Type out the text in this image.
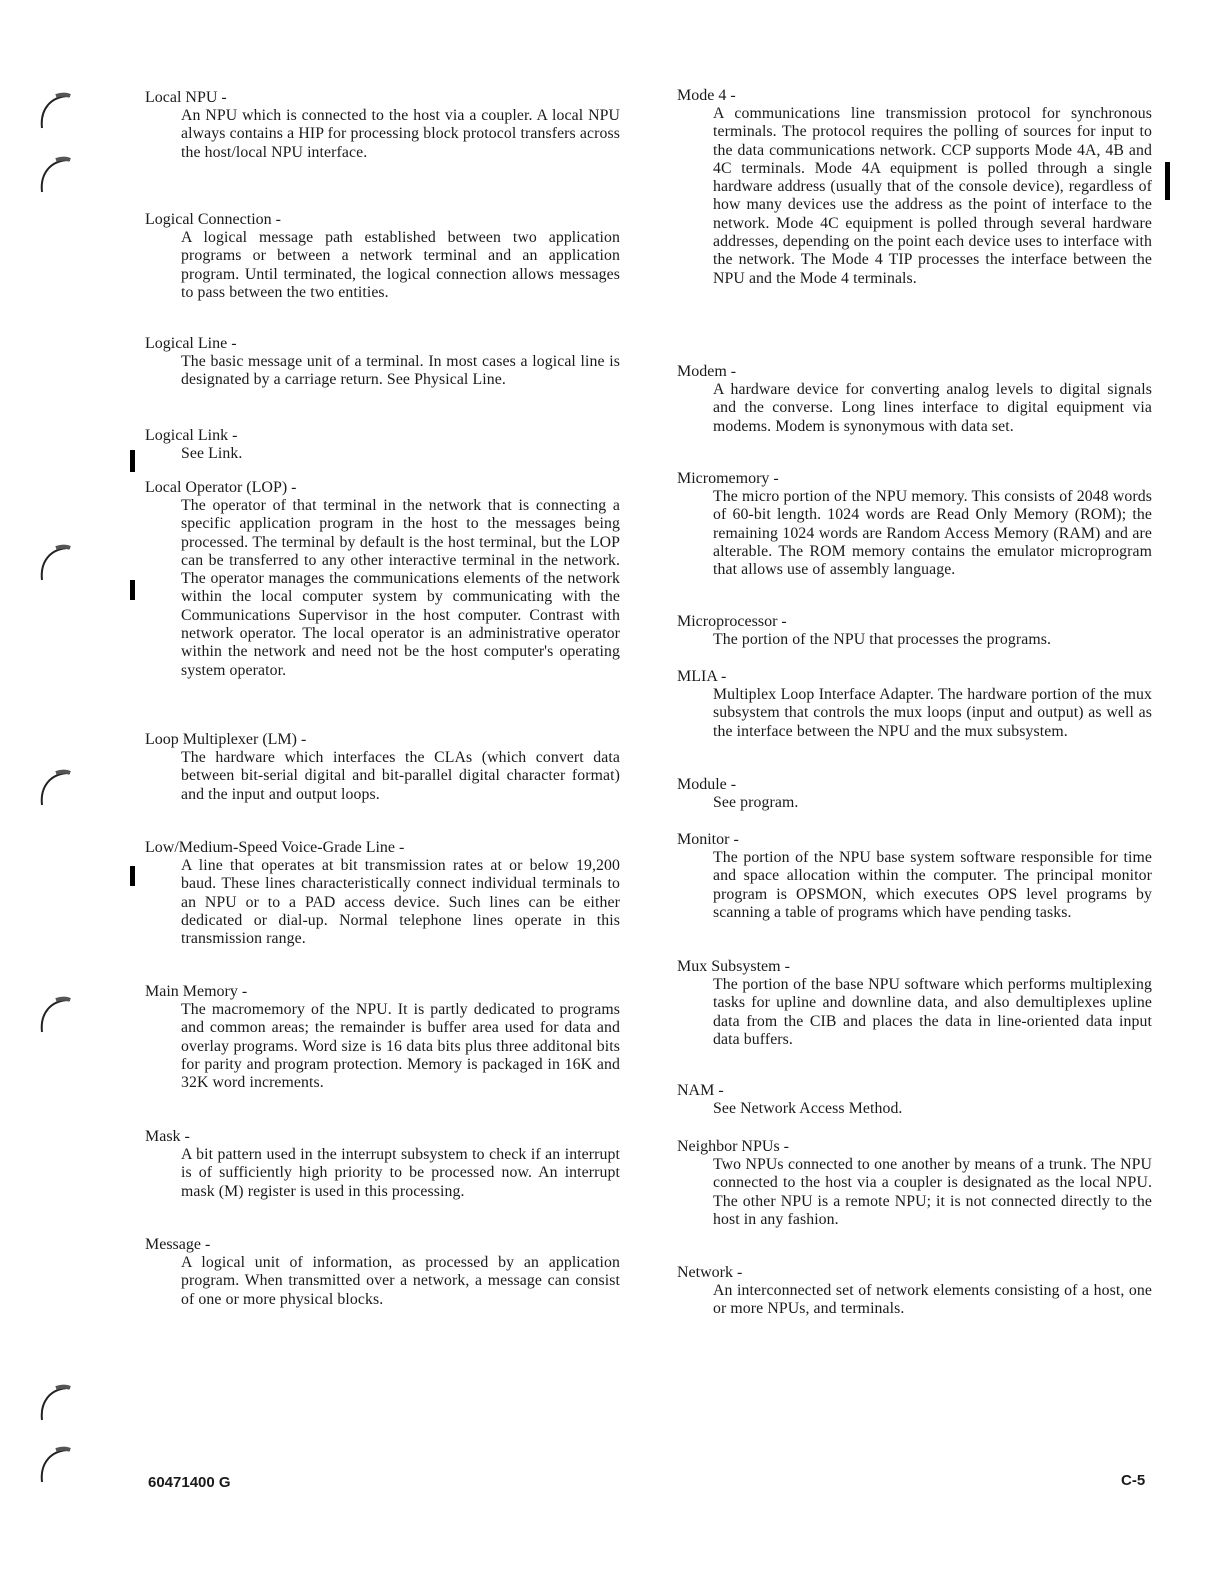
Local NPU -

An NPU which is connected to the host via a coupler. A local NPU always contains a HIP for processing block protocol transfers across the host/local NPU interface.

Logical Connection -

A logical message path established between two application programs or between a network terminal and an application program. Until terminated, the logical connection allows messages to pass between the two entities.

Logical Line -

The basic message unit of a terminal. In most cases a logical line is designated by a carriage return. See Physical Line.

Logical Link -

See Link.

Local Operator (LOP) -

The operator of that terminal in the network that is connecting a specific application program in the host to the messages being processed. The terminal by default is the host terminal, but the LOP can be transferred to any other interactive terminal in the network. The operator manages the communications elements of the network within the local computer system by communicating with the Communications Supervisor in the host computer. Contrast with network operator. The local operator is an administrative operator within the network and need not be the host computer's operating system operator.

Loop Multiplexer (LM) -

The hardware which interfaces the CLAs (which convert data between bit-serial digital and bit-parallel digital character format) and the input and output loops.

Low/Medium-Speed Voice-Grade Line -

A line that operates at bit transmission rates at or below 19,200 baud. These lines characteristically connect individual terminals to an NPU or to a PAD access device. Such lines can be either dedicated or dial-up. Normal telephone lines operate in this transmission range.

Main Memory -

The macromemory of the NPU. It is partly dedicated to programs and common areas; the remainder is buffer area used for data and overlay programs. Word size is 16 data bits plus three additonal bits for parity and program protection. Memory is packaged in 16K and 32K word increments.

Mask -

A bit pattern used in the interrupt subsystem to check if an interrupt is of sufficiently high priority to be processed now. An interrupt mask (M) register is used in this processing.

Message -

A logical unit of information, as processed by an application program. When transmitted over a network, a message can consist of one or more physical blocks.

Mode 4 -

A communications line transmission protocol for synchronous terminals. The protocol requires the polling of sources for input to the data communications network. CCP supports Mode 4A, 4B and 4C terminals. Mode 4A equipment is polled through a single hardware address (usually that of the console device), regardless of how many devices use the address as the point of interface to the network. Mode 4C equipment is polled through several hardware addresses, depending on the point each device uses to interface with the network. The Mode 4 TIP processes the interface between the NPU and the Mode 4 terminals.

Modem -

A hardware device for converting analog levels to digital signals and the converse. Long lines interface to digital equipment via modems. Modem is synonymous with data set.

Micromemory -

The micro portion of the NPU memory. This consists of 2048 words of 60-bit length. 1024 words are Read Only Memory (ROM); the remaining 1024 words are Random Access Memory (RAM) and are alterable. The ROM memory contains the emulator microprogram that allows use of assembly language.

Microprocessor -

The portion of the NPU that processes the programs.

MLIA -

Multiplex Loop Interface Adapter. The hardware portion of the mux subsystem that controls the mux loops (input and output) as well as the interface between the NPU and the mux subsystem.

Module -

See program.

Monitor -

The portion of the NPU base system software responsible for time and space allocation within the computer. The principal monitor program is OPSMON, which executes OPS level programs by scanning a table of programs which have pending tasks.

Mux Subsystem -

The portion of the base NPU software which performs multiplexing tasks for upline and downline data, and also demultiplexes upline data from the CIB and places the data in line-oriented data input data buffers.

NAM -

See Network Access Method.

Neighbor NPUs -

Two NPUs connected to one another by means of a trunk. The NPU connected to the host via a coupler is designated as the local NPU. The other NPU is a remote NPU; it is not connected directly to the host in any fashion.

Network -

An interconnected set of network elements consisting of a host, one or more NPUs, and terminals.

60471400 G	C-5
